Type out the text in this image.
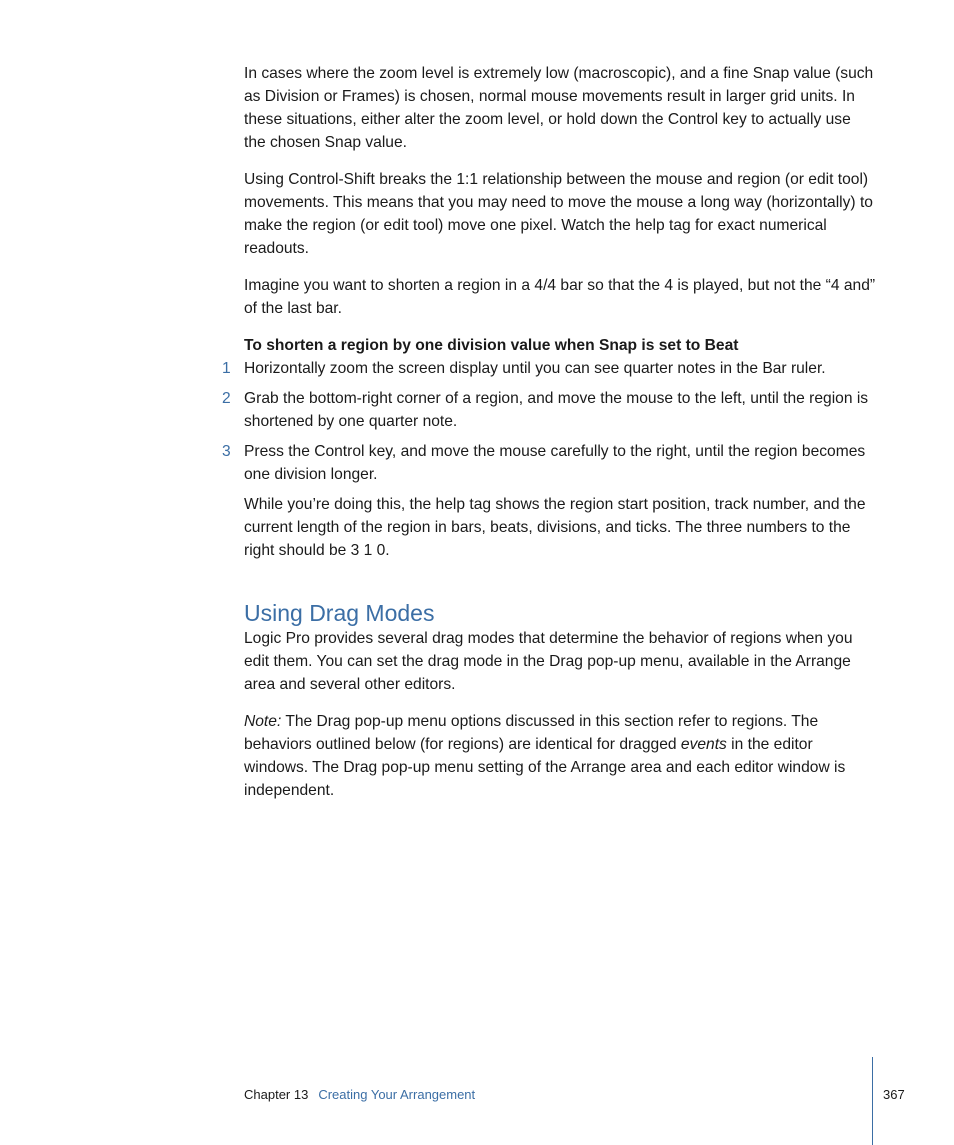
In cases where the zoom level is extremely low (macroscopic), and a fine Snap value (such as Division or Frames) is chosen, normal mouse movements result in larger grid units. In these situations, either alter the zoom level, or hold down the Control key to actually use the chosen Snap value.

Using Control-Shift breaks the 1:1 relationship between the mouse and region (or edit tool) movements. This means that you may need to move the mouse a long way (horizontally) to make the region (or edit tool) move one pixel. Watch the help tag for exact numerical readouts.

Imagine you want to shorten a region in a 4/4 bar so that the 4 is played, but not the “4 and” of the last bar.

To shorten a region by one division value when Snap is set to Beat

1 Horizontally zoom the screen display until you can see quarter notes in the Bar ruler.
2 Grab the bottom-right corner of a region, and move the mouse to the left, until the region is shortened by one quarter note.
3 Press the Control key, and move the mouse carefully to the right, until the region becomes one division longer.

While you’re doing this, the help tag shows the region start position, track number, and the current length of the region in bars, beats, divisions, and ticks. The three numbers to the right should be 3 1 0.

Using Drag Modes

Logic Pro provides several drag modes that determine the behavior of regions when you edit them. You can set the drag mode in the Drag pop-up menu, available in the Arrange area and several other editors.

Note: The Drag pop-up menu options discussed in this section refer to regions. The behaviors outlined below (for regions) are identical for dragged events in the editor windows. The Drag pop-up menu setting of the Arrange area and each editor window is independent.

Chapter 13 Creating Your Arrangement	367
